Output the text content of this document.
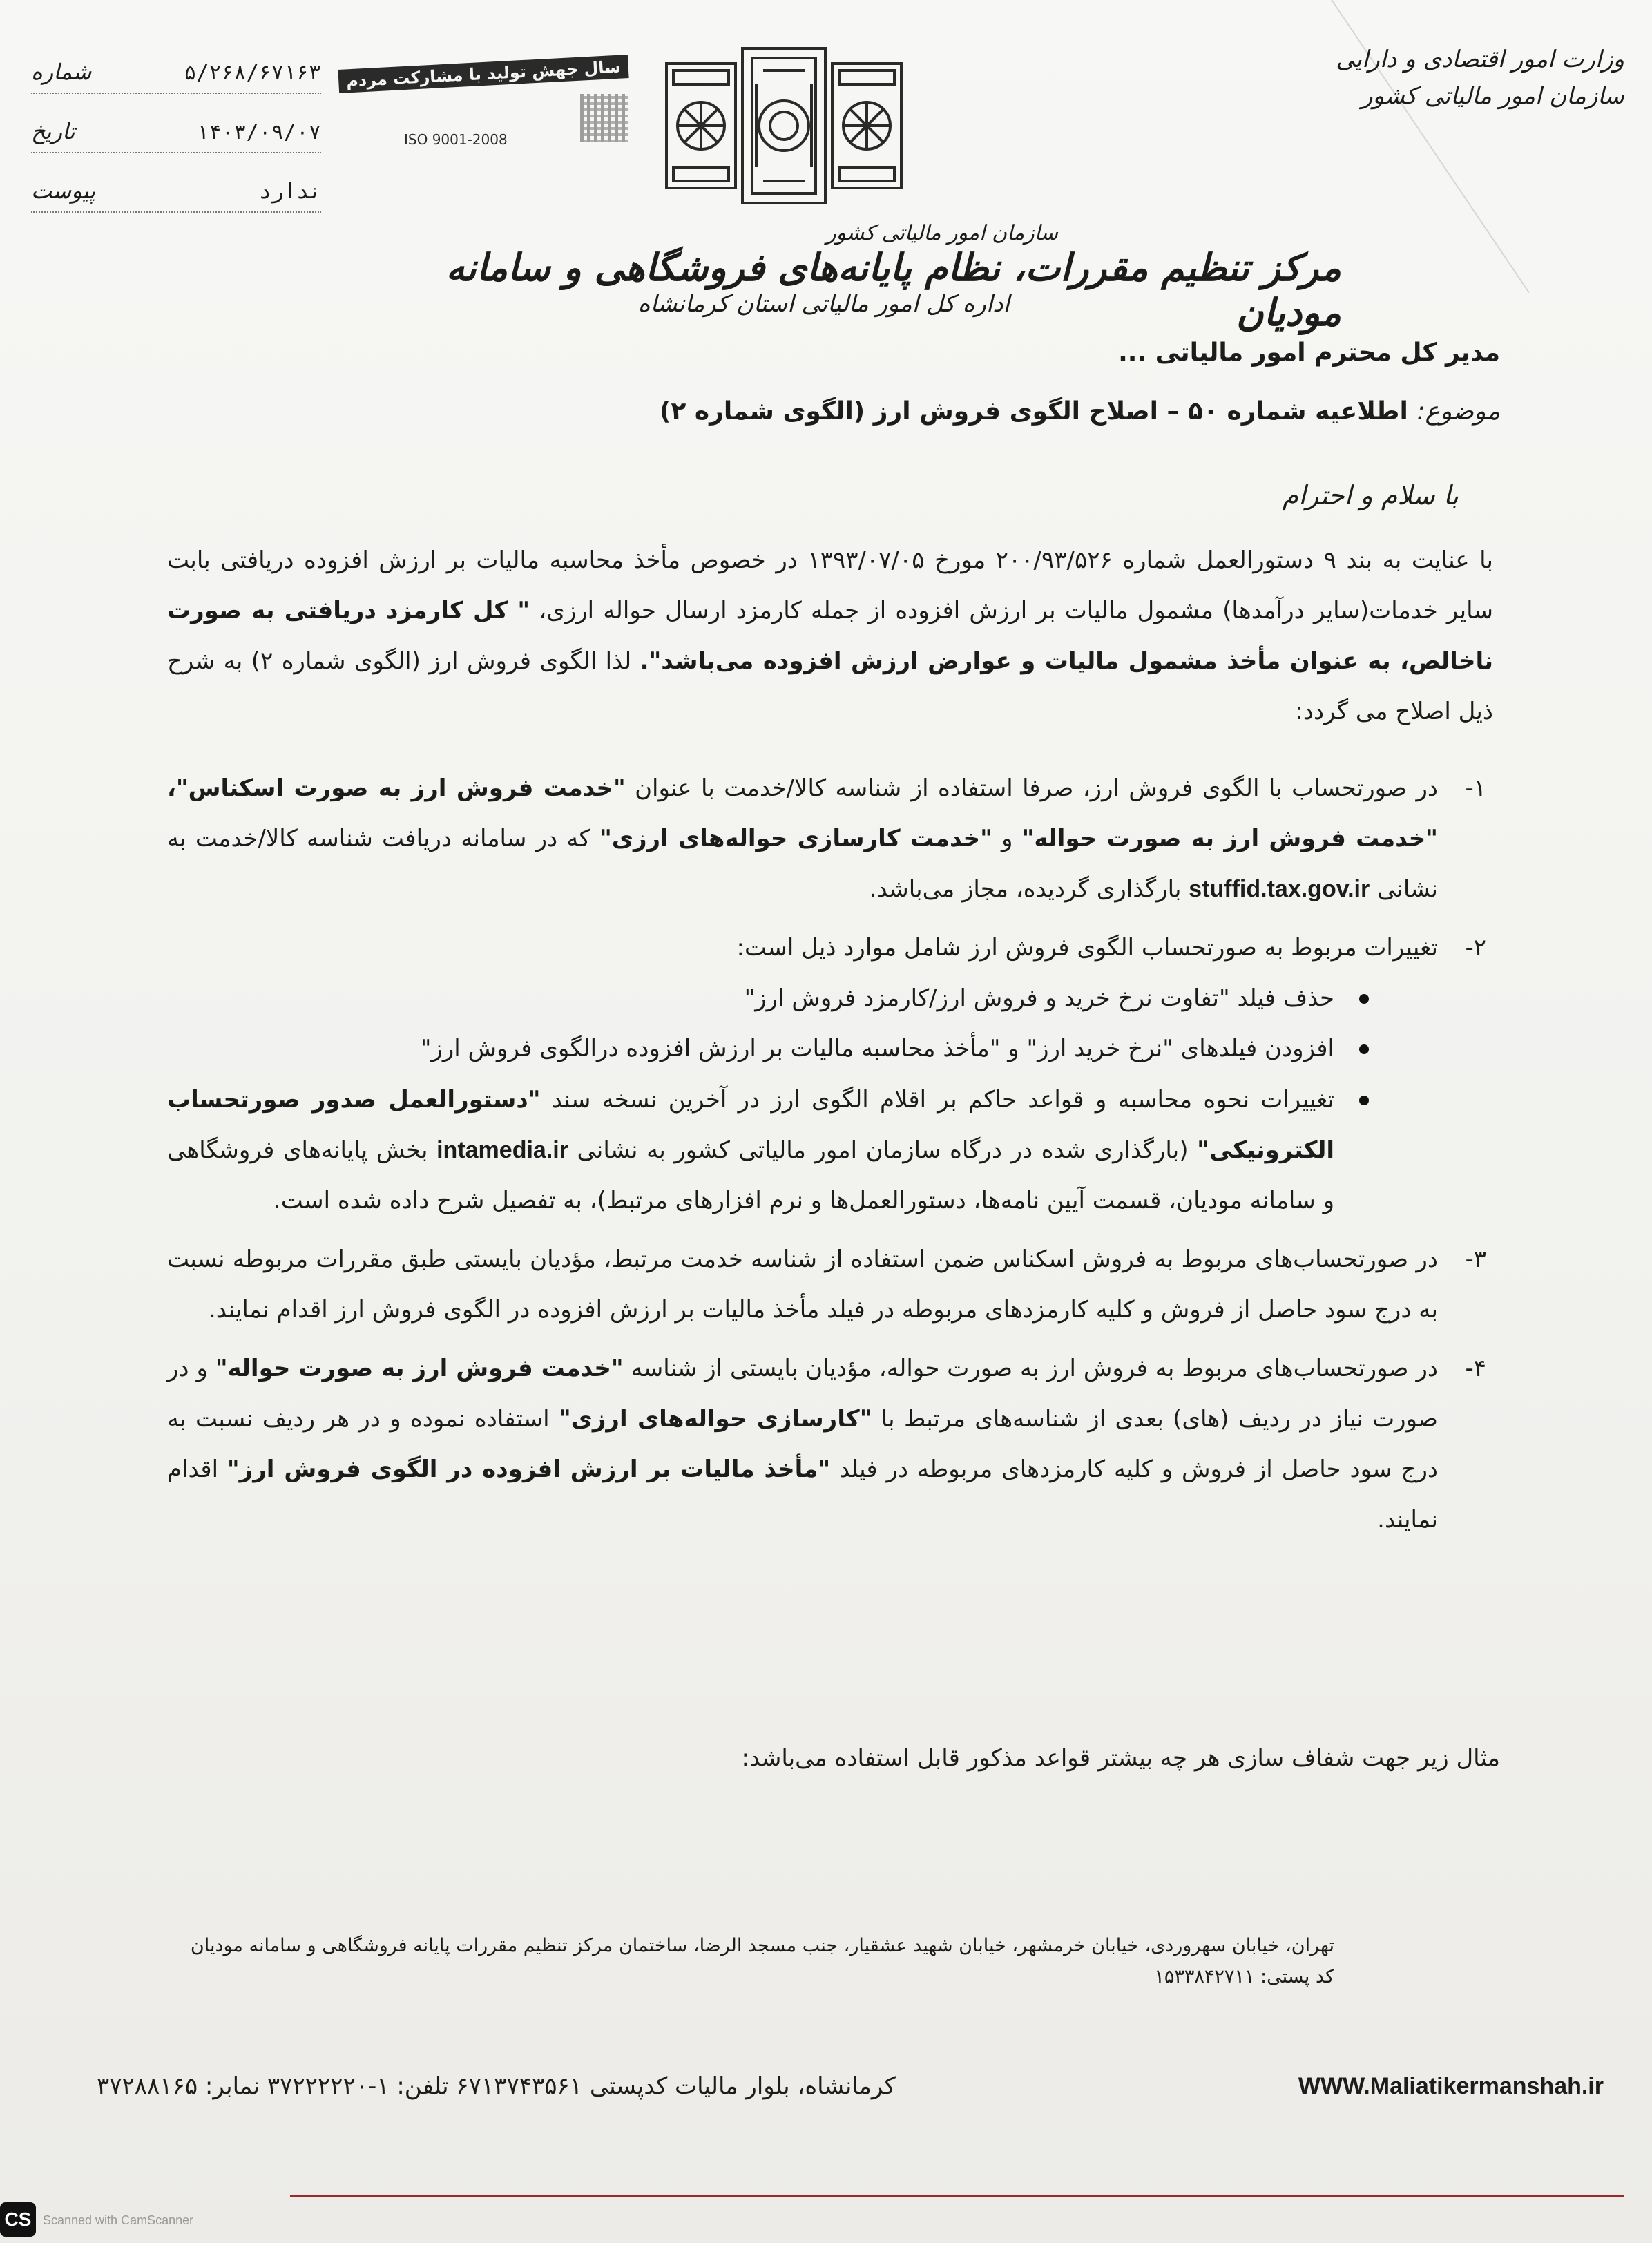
وزارت امور اقتصادی و دارایی
سازمان امور مالیاتی کشور
سال جهش تولید با مشارکت مردم
ISO 9001-2008
شماره	۵/۲۶۸/۶۷۱۶۳
تاریخ	۱۴۰۳/۰۹/۰۷
پیوست	ندارد
سازمان امور مالیاتی کشور
مرکز تنظیم مقررات، نظام پایانه‌های فروشگاهی و سامانه مودیان
اداره کل امور مالیاتی استان کرمانشاه
مدیر کل محترم امور مالیاتی ...
موضوع: اطلاعیه شماره ۵۰ – اصلاح الگوی فروش ارز (الگوی شماره ۲)
با سلام و احترام
با عنایت به بند ۹ دستورالعمل شماره ۲۰۰/۹۳/۵۲۶ مورخ ۱۳۹۳/۰۷/۰۵ در خصوص مأخذ محاسبه مالیات بر ارزش افزوده دریافتی بابت سایر خدمات(سایر درآمدها) مشمول مالیات بر ارزش افزوده از جمله کارمزد ارسال حواله ارزی، " کل کارمزد دریافتی به صورت ناخالص، به عنوان مأخذ مشمول مالیات و عوارض ارزش افزوده می‌باشد". لذا الگوی فروش ارز (الگوی شماره ۲) به شرح ذیل اصلاح می گردد:
۱-
در صورتحساب با الگوی فروش ارز، صرفا استفاده از شناسه کالا/خدمت با عنوان "خدمت فروش ارز به صورت اسکناس"، "خدمت فروش ارز به صورت حواله" و "خدمت کارسازی حواله‌های ارزی" که در سامانه دریافت شناسه کالا/خدمت به نشانی stuffid.tax.gov.ir بارگذاری گردیده، مجاز می‌باشد.
۲-
تغییرات مربوط به صورتحساب الگوی فروش ارز شامل موارد ذیل است:
حذف فیلد "تفاوت نرخ خرید و فروش ارز/کارمزد فروش ارز"
افزودن فیلدهای "نرخ خرید ارز" و "مأخذ محاسبه مالیات بر ارزش افزوده درالگوی فروش ارز"
تغییرات نحوه محاسبه و قواعد حاکم بر اقلام الگوی ارز در آخرین نسخه سند "دستورالعمل صدور صورتحساب الکترونیکی" (بارگذاری شده در درگاه سازمان امور مالیاتی کشور به نشانی intamedia.ir بخش پایانه‌های فروشگاهی و سامانه مودیان، قسمت آیین نامه‌ها، دستورالعمل‌ها و نرم افزارهای مرتبط)، به تفصیل شرح داده شده است.
۳-
در صورتحساب‌های مربوط به فروش اسکناس ضمن استفاده از شناسه خدمت مرتبط، مؤدیان بایستی طبق مقررات مربوطه نسبت به درج سود حاصل از فروش و کلیه کارمزدهای مربوطه در فیلد مأخذ مالیات بر ارزش افزوده در الگوی فروش ارز اقدام نمایند.
۴-
در صورتحساب‌های مربوط به فروش ارز به صورت حواله، مؤدیان بایستی از شناسه "خدمت فروش ارز به صورت حواله" و در صورت نیاز در ردیف (های) بعدی از شناسه‌های مرتبط با "کارسازی حواله‌های ارزی" استفاده نموده و در هر ردیف نسبت به درج سود حاصل از فروش و کلیه کارمزدهای مربوطه در فیلد "مأخذ مالیات بر ارزش افزوده در الگوی فروش ارز" اقدام نمایند.
مثال زیر جهت شفاف سازی هر چه بیشتر قواعد مذکور قابل استفاده می‌باشد:
تهران، خیابان سهروردی، خیابان خرمشهر، خیابان شهید عشقیار، جنب مسجد الرضا، ساختمان مرکز تنظیم مقررات پایانه فروشگاهی و سامانه مودیان
کد پستی: ۱۵۳۳۸۴۲۷۱۱
کرمانشاه، بلوار مالیات کدپستی ۶۷۱۳۷۴۳۵۶۱ تلفن: ۱-۳۷۲۲۲۲۲۰ نمابر: ۳۷۲۸۸۱۶۵	WWW.Maliatikermanshah.ir
CS Scanned with CamScanner
